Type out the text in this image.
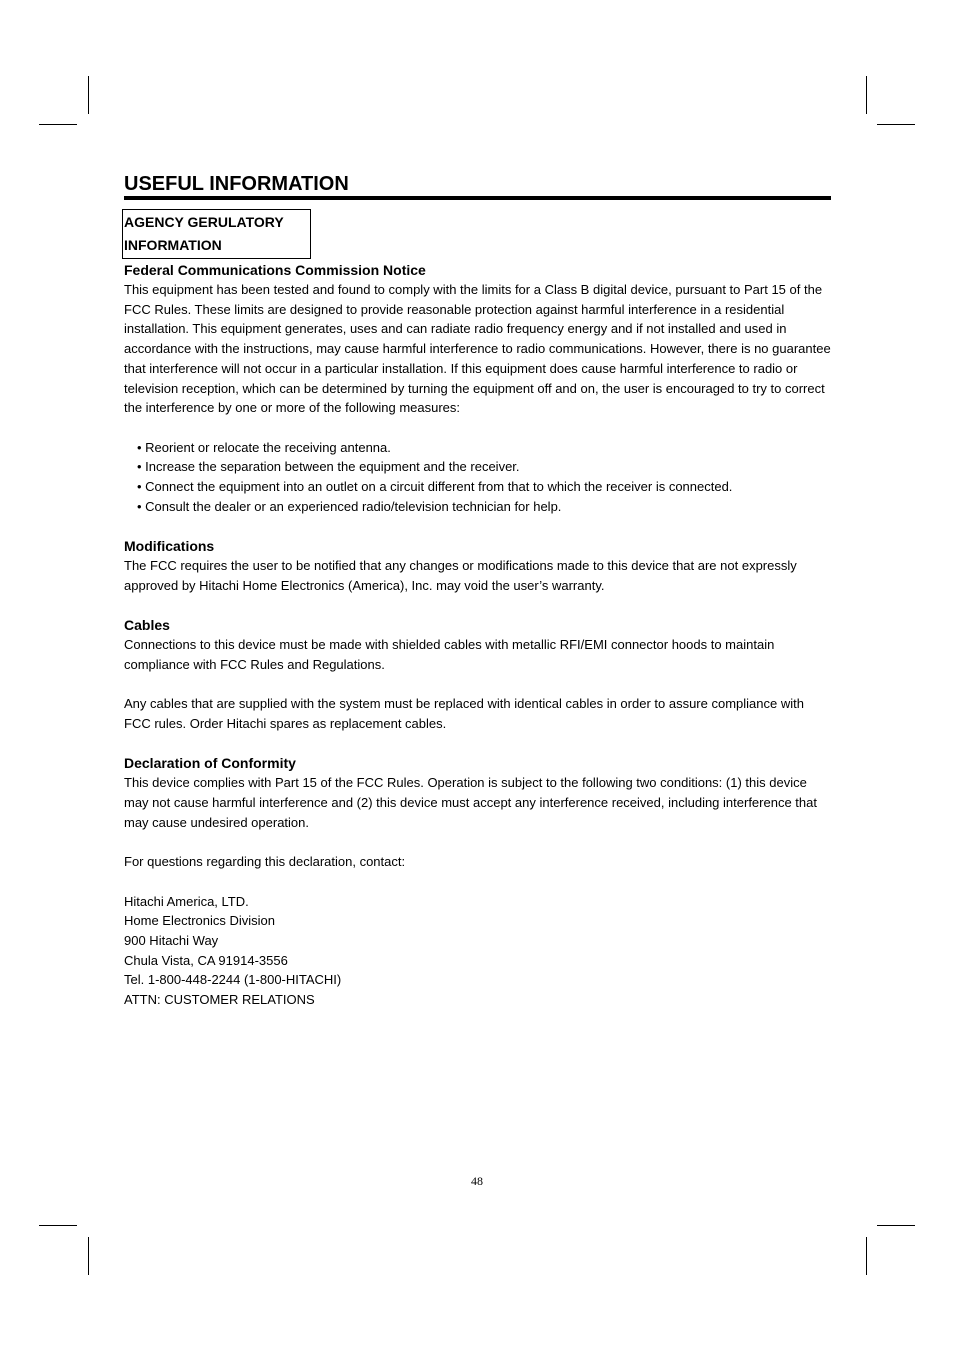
USEFUL INFORMATION
AGENCY GERULATORY
INFORMATION
Federal Communications Commission Notice

This equipment has been tested and found to comply with the limits for a Class B digital device, pursuant to Part 15 of the FCC Rules. These limits are designed to provide reasonable protection against harmful interference in a residential installation. This equipment generates, uses and can radiate radio frequency energy and if not installed and used in accordance with the instructions, may cause harmful interference to radio communications. However, there is no guarantee that interference will not occur in a particular installation. If this equipment does cause harmful interference to radio or television reception, which can be determined by turning the equipment off and on, the user is encouraged to try to correct the interference by one or more of the following measures:

• Reorient or relocate the receiving antenna.
• Increase the separation between the equipment and the receiver.
• Connect the equipment into an outlet on a circuit different from that to which the receiver is connected.
• Consult the dealer or an experienced radio/television technician for help.
Modifications

The FCC requires the user to be notified that any changes or modifications made to this device that are not expressly approved by Hitachi Home Electronics (America), Inc. may void the user’s warranty.

Cables

Connections to this device must be made with shielded cables with metallic RFI/EMI connector hoods to maintain compliance with FCC Rules and Regulations.

Any cables that are supplied with the system must be replaced with identical cables in order to assure compliance with FCC rules. Order Hitachi spares as replacement cables.

Declaration of Conformity

This device complies with Part 15 of the FCC Rules. Operation is subject to the following two conditions: (1) this device may not cause harmful interference and (2) this device must accept any interference received, including interference that may cause undesired operation.

For questions regarding this declaration, contact:

Hitachi America, LTD.
Home Electronics Division
900 Hitachi Way
Chula Vista, CA 91914-3556
Tel. 1-800-448-2244 (1-800-HITACHI)
ATTN: CUSTOMER RELATIONS
48
